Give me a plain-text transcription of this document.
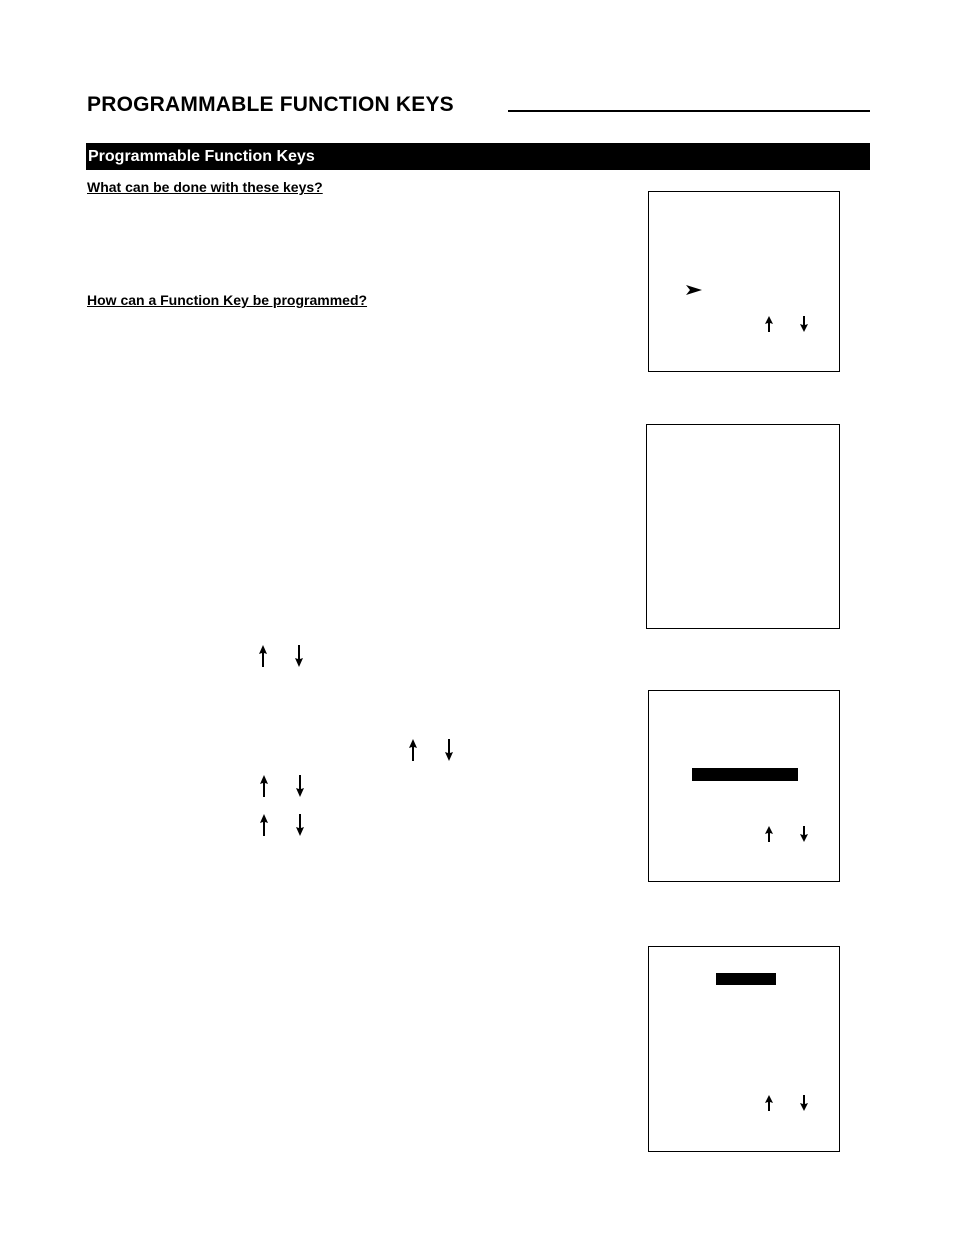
PROGRAMMABLE FUNCTION KEYS
Programmable Function Keys
What can be done with these keys?
How can a Function Key be programmed?
